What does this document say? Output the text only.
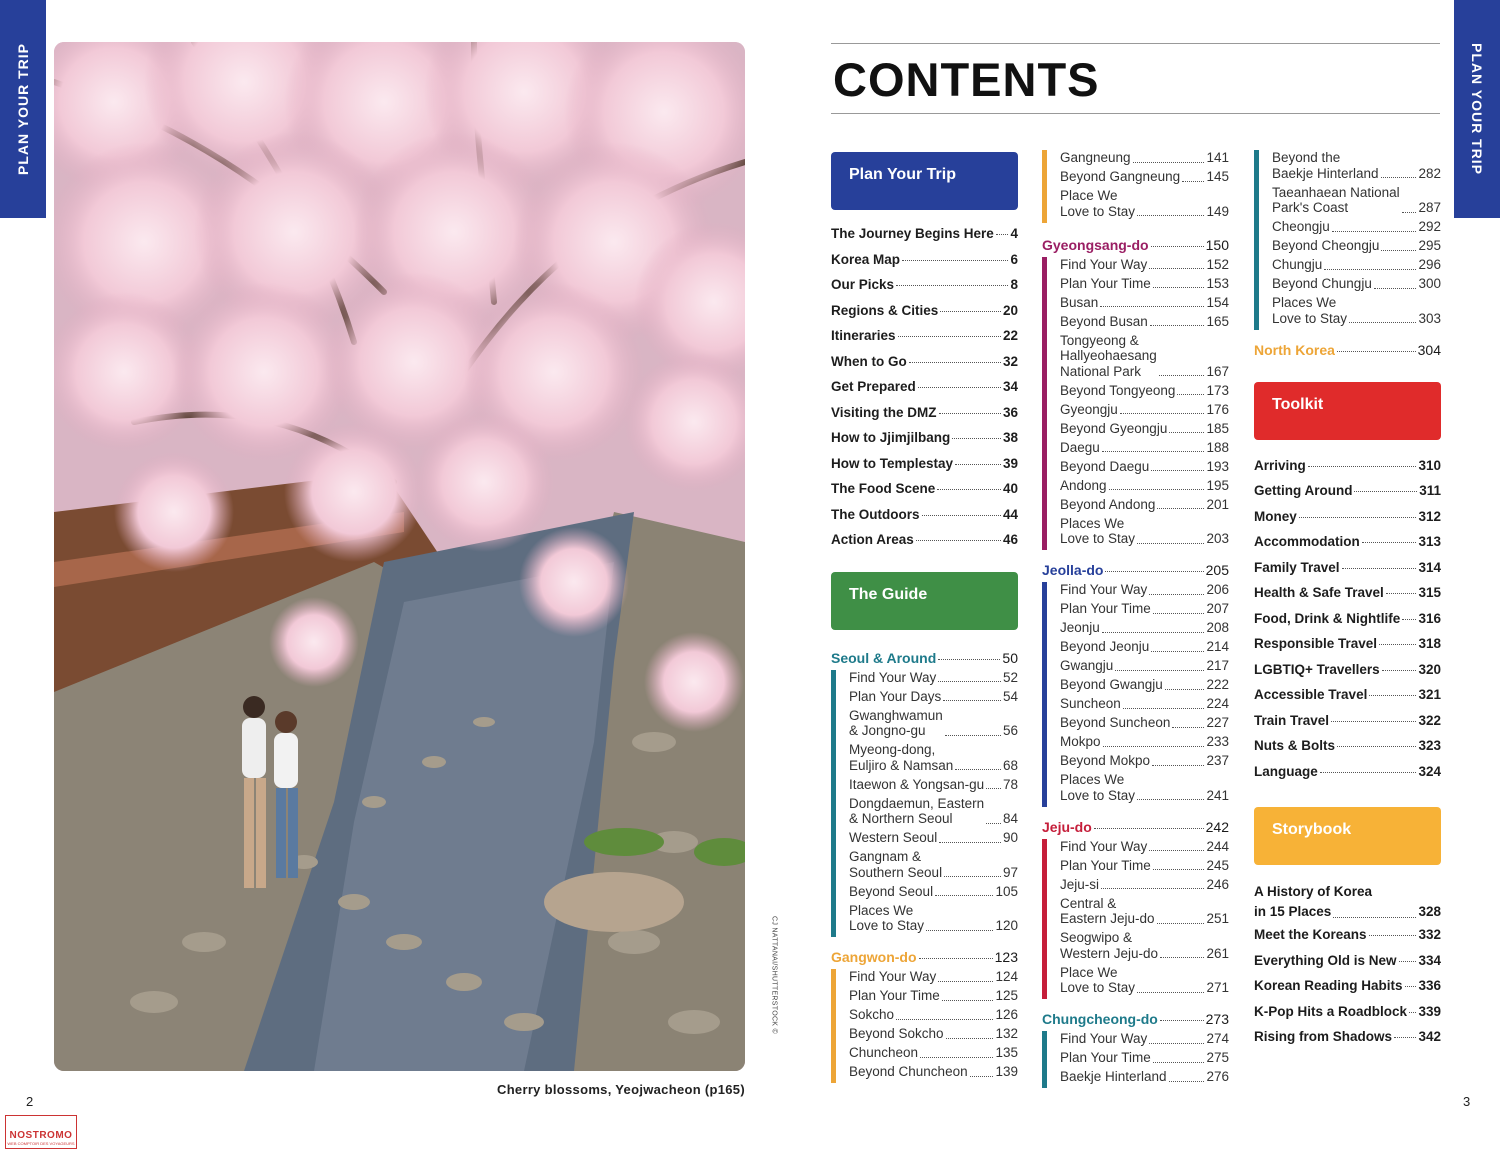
PLAN YOUR TRIP	PLAN YOUR TRIP
CJ NATTANAI/SHUTTERSTOCK ©
Cherry blossoms, Yeojwacheon (p165)
2	3
NOSTROMO
WEB COMPTOIR DES VOYAGEURS
CONTENTS
Plan Your Trip
The Journey Begins Here 4
Korea Map	6
Our Picks	8
Regions & Cities	20
Itineraries	22
When to Go	32
Get Prepared	34
Visiting the DMZ	36
How to Jjimjilbang	38
How to Templestay	39
The Food Scene	40
The Outdoors	44
Action Areas	46
The Guide
Seoul & Around	50
Find Your Way	52
Plan Your Days	54
Gwanghwamun
& Jongno-gu	56
Myeong-dong,
Euljiro & Namsan	68
Itaewon & Yongsan-gu 78
Dongdaemun, Eastern
& Northern Seoul	84
Western Seoul	90
Gangnam &
Southern Seoul	97
Beyond Seoul	105
Places We
Love to Stay	120
Gangwon-do	123
Find Your Way	124
Plan Your Time	125
Sokcho	126
Beyond Sokcho	132
Chuncheon	135
Beyond Chuncheon 139
Gangneung	141
Beyond Gangneung 145
Place We
Love to Stay	149
Gyeongsang-do	150
Find Your Way	152
Plan Your Time	153
Busan	154
Beyond Busan	165
Tongyeong &
Hallyeohaesang
National Park	167
Beyond Tongyeong 173
Gyeongju	176
Beyond Gyeongju	185
Daegu	188
Beyond Daegu	193
Andong	195
Beyond Andong	201
Places We
Love to Stay	203
Jeolla-do	205
Find Your Way	206
Plan Your Time	207
Jeonju	208
Beyond Jeonju	214
Gwangju	217
Beyond Gwangju	222
Suncheon	224
Beyond Suncheon	227
Mokpo	233
Beyond Mokpo	237
Places We
Love to Stay	241
Jeju-do	242
Find Your Way	244
Plan Your Time	245
Jeju-si	246
Central &
Eastern Jeju-do	251
Seogwipo &
Western Jeju-do	261
Place We
Love to Stay	271
Chungcheong-do	273
Find Your Way	274
Plan Your Time	275
Baekje Hinterland	276
Beyond the
Baekje Hinterland	282
Taeanhaean National
Park's Coast	287
Cheongju	292
Beyond Cheongju	295
Chungju	296
Beyond Chungju	300
Places We
Love to Stay	303
North Korea	304
Toolkit
Arriving	310
Getting Around	311
Money	312
Accommodation	313
Family Travel	314
Health & Safe Travel	315
Food, Drink & Nightlife 316
Responsible Travel	318
LGBTIQ+ Travellers	320
Accessible Travel	321
Train Travel	322
Nuts & Bolts	323
Language	324
Storybook
A History of Korea
in 15 Places	328
Meet the Koreans	332
Everything Old is New 334
Korean Reading Habits 336
K-Pop Hits a Roadblock 339
Rising from Shadows 342
